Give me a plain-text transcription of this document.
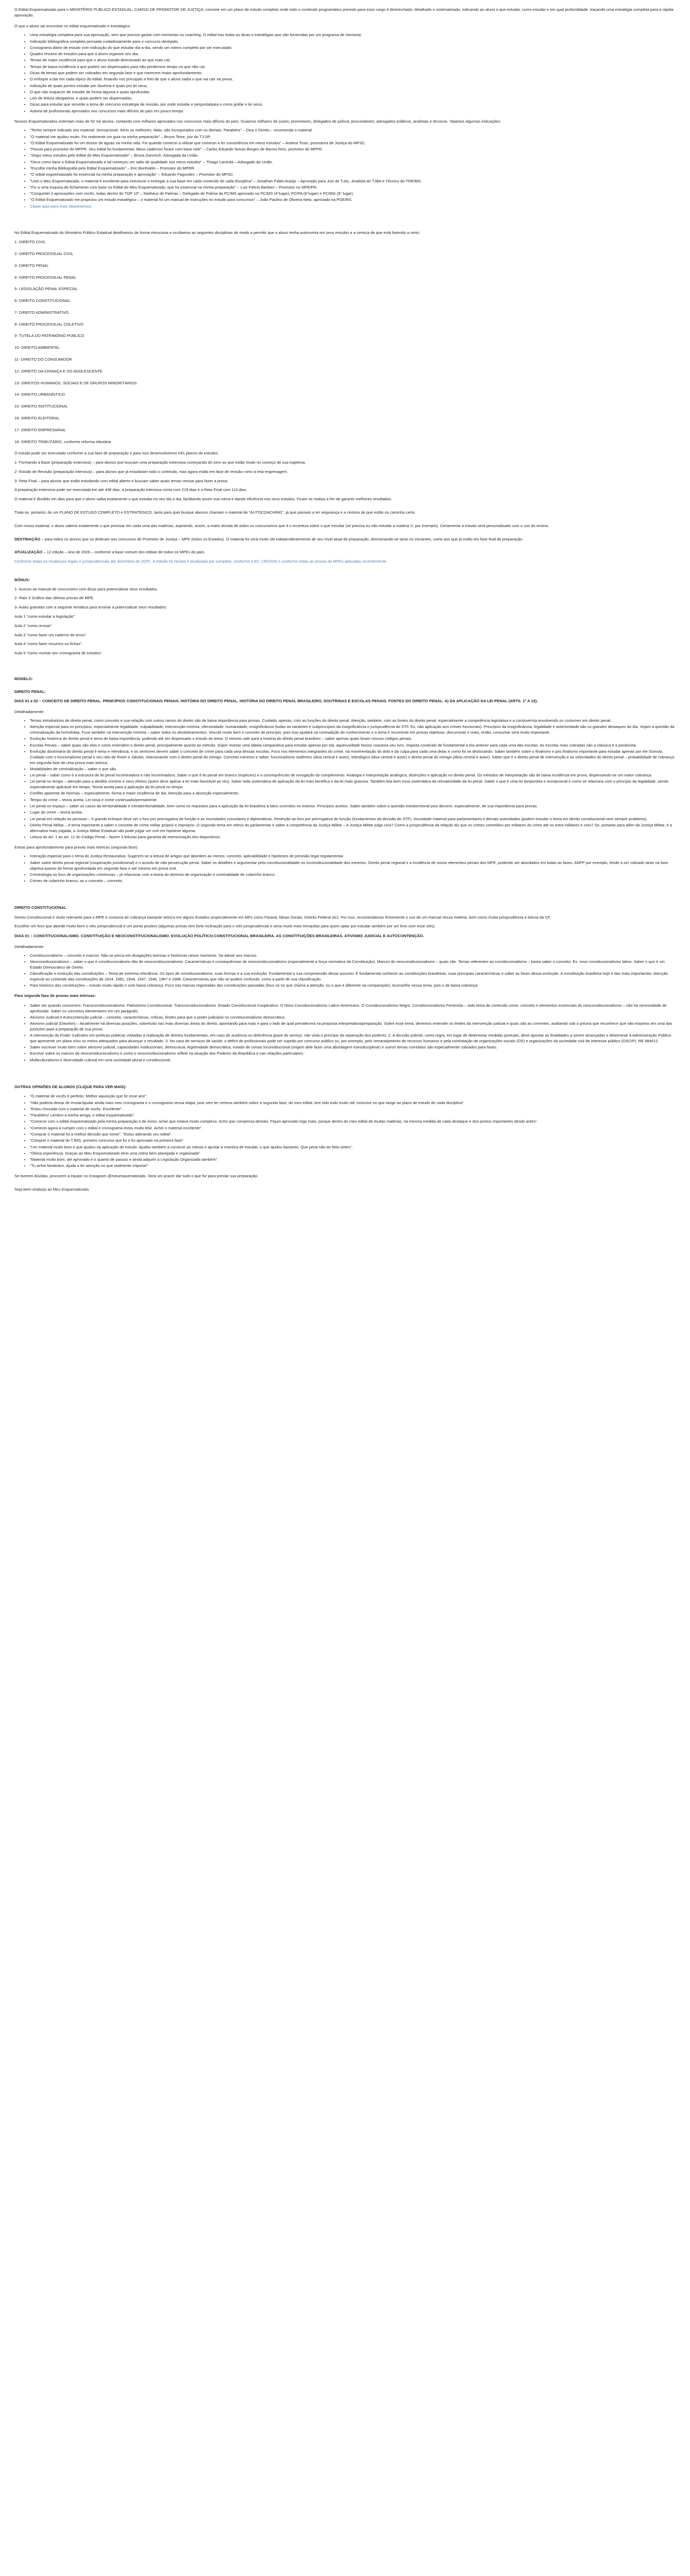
O Edital Esquematizado para o MINISTÉRIO PÚBLICO ESTADUAL, CARGO DE PROMOTOR DE JUSTIÇA, consiste em um plano de estudo completo onde todo o conteúdo programático previsto para esse cargo é destrinchado, detalhado e sistematizado, indicando ao aluno o que estudar, como estudar e em qual profundidade, traçando uma estratégia completa para a rápida aprovação.

O que o aluno vai encontrar no edital esquematizado e estratégico:

• Uma estratégia completa para sua aprovação, sem que precise gastar com mentorias ou coaching. O edital traz todas as dicas e estratégias que são fornecidas por um programa de mentoria;
• Indicação bibliográfica completa pensada cuidadosamente para o concurso desejado;
• Cronograma diário de estudo com indicação do que estudar dia-a-dia, sendo um roteiro completo por ser executado;
• Quadro resumo de estudos para que o aluno organize seu dia;
• Temas de maior incidência para que o aluno estude direcionado ao que mais cai;
• Temas de baixa incidência a que podem ser dispensados para não perdermos tempo no que não cai;
• Dicas de temas que podem ser cobrados em segunda fase e que merecem maior aprofundamento;
• O enfoque a dar em cada tópico do edital, frisando nos principais e frito de que o aluno saiba o que vai cair na prova;
• Indicação de quais pontos estudar por doutrina e quais por lei seca;
• O que não esquecer de estudar de forma alguma e quais aprofundar;
• Leis de leitura obrigatória, e quais podem ser dispensadas;
• Dicas para estudar que servirão a tema de concurso estratégia de revisão, por onde estudar e pergunta/para o como gráfar e lei seca;
• Autoria de profissionais aprovados nos concursos mais difíceis do país em pouco tempo.

Nossos Esquematizados ostentam mais de 92 mil alunos, contando com milhares aprovados nos concursos mais difíceis do país. Guiamos milhares de juízes, promotores, delegados de polícia, procuradores, advogados públicos, analistas e técnicos. Vejamos algumas indicações:

• "Tenho sempre indicado seu material. Sensacional. Sério os melhores. Mais, são incorporados com os demais. Parabéns" – Dica o Direito – recomenda o material.
• "O material me ajudou muito. Foi realmente um guia na minha preparação" – Bruno Teixe, juiz do TJ-SP.
• "O Edital Esquematizado foi um divisor de águas na minha vida. Foi quando comecei a utilizar que comecei a ter consistência em meus estudos" – Andrea Tosin, promotora de Justiça do MPSC.
• "Passei para promotor do MPPR. Seu edital foi fundamental. Meus cadernos foram com base nele" – Carlos Eduardo Novas Borges de Barros Reis, promotor do MPPR.
• "Segui meus estudos pelo Edital do Meu Esquematizado" – Bruna Dannrich, Advogada da União.
• "Devo como base o Edital Esquematizado e tal começou um salto de qualidade nos meus estudos" – Thiago Lacerda – Advogado da União.
• "Escolhe minha Bibliografia pelo Edital Esquematizado" – Eric Bonhoklin – Promotor do MPRR.
• "O edital esquematizado foi essencial na minha preparação e aprovação" – Eduardo Fagundes – Promotor do MPSC.
• "Usei o Meu Esquematizado, o material é excelente para estruturar e entregar a sua base em cada conteúdo de cada disciplina" – Jonathan Pablo Araújo – Aprovado para Juiz de TJAL, Analista do TJBA e Técnico do TRE/MG.
• "Fiz a uma esquisa de fichamento com base no Edital do Meu Esquematizado, que foi essencial na minha preparação" – Luiz Felicio Barbieri – Promotor no MPE/PR.
• "Conquistei 3 aprovações com vocês, todas dentro do TOP 10" – Matheus de Palmas – Delegado de Polícia da PC/MS aprovado na PC/MS (4°lugar), PC/PA (6°lugar) e PC/MG (9° lugar).
• "O Edital Esquematizado me propiciou um estudo estratégico – o material foi um manual de instruções no estudo para concursos" – João Paulino de Oliveira Neto, aprovado na PGE/RS.
• Clique aqui para mais depoimentos.

No Edital Esquematizado do Ministério Público Estadual detalhamos de forma minuciosa e ocultamos as seguintes disciplinas de modo a permitir que o aluno tenha autonomia em seus estudos e a certeza de que está fazendo a certo:

1- DIREITO CIVIL

2- DIREITO PROCESSUAL CIVIL

3- DIREITO PENAL

4- DIREITO PROCESSUAL PENAL

5- LEGISLAÇÃO PENAL ESPECIAL

6- DIREITO CONSTITUCIONAL

7- DIREITO ADMINISTRATIVO

8- DIREITO PROCESSUAL COLETIVO

9- TUTELA DO PATRIMÔNIO PÚBLICO

10- DIREITO AMBIENTAL

11- DIREITO DO CONSUMIDOR

12- DIREITO DA CRIANÇA E DO ADOLESCENTE

13- DIREITOS HUMANOS, SOCIAIS E DE GRUPOS MINORITÁRIOS

14- DIREITO URBANÍSTICO

15- DIREITO INSTITUCIONAL

16- DIREITO ELEITORAL

17- DIREITO EMPRESARIAL

18- DIREITO TRIBUTÁRIO, conforme reforma tributária

O estudo pode ser executado conforme a sua fase de preparação e para isso desenvolvemos três planos de estudos:

1- Formando a Base (preparação extensiva) – para alunos que buscam uma preparação extensiva começando do zero ou que estão muito no começo de sua trajetória.

2- Estudo de Revisão (preparação intensiva) – para alunos que já estudaram todo o conteúdo, mas agora estão em fase de revisão rumo à reta engrenagem.

3- Reta Final – para alunos que estão estudando com edital aberto e buscam saber quais temas revisar para fazer a prova.

A preparação extensiva pode ser executada em até 438 dias, a preparação intensiva conta com 219 dias e a Reta Final com 113 dias.

O material é dividido em dias para que o aluno saiba exatamente o que estudar no seu dia a dia, facilitando assim sua rotina e dando eficiência nos seus estudos. Ficam se realiza a fim de garantir melhores resultados.

Trata-se, portanto, de um PLANO DE ESTUDO COMPLETO e ESTRATÉGICO, tanto para quei busque abonos chamam o material de "AUTOCOACHING", já que passam a ter segurança e a certeza de que estão no caminho certo.

Com nosso material, o aluno saberá exatamente o que priorizar em cada uma das matérias, aspirando, assim, a maior dúvida de todos os concurseiros que é o incerteza sobre o que estudar (se precisa ou não estudar a matéria X, por exemplo). Certamente a estudo será personalizado com o uso do ensino.

DESTINAÇÃO – para todos os alunos que se dedicam aos concursos de Promotor de Justiça – MPE (todos os Estados). O material foi será muito útil independentemente de seu nível atual de preparação, direcionando-se tanto os iniciantes, como aos que já estão em fase final de preparação.

ATUALIZAÇÃO – 12 edição – Ano de 2026 – conforme a base comum dos editais de todos os MPEs do país.

Conforme todas as mudanças legais e jurisprudenciais até dezembro de 2025 . A edição foi revista e atualizada por completo, conforme a EC 136/2025 e conforme todas as provas de MPEs aplicadas recentemente.

BÔNUS:

1- Acesso ao manual de concurseiro com dicas para potencializar seus resultados.

2- Raio X Gráfico das últimas provas de MPE.

3- Aulas gratuitas com a seguinte temática para ensinar a potencializar seus resultados:

Aula 1 "como estudar a legislação"

Aula 2 "como revisar"

Aula 3 "como fazer um caderno de erros".

Aula 4 "como fazer resumos ou fichas".

Aula 5 "como montar seu cronograma de estudos"

MODELO:

DIREITO PENAL:

DIAS 01 a 02 – CONCEITO DE DIREITO PENAL. PRINCÍPIOS CONSTITUCIONAIS PENAIS. HISTÓRIA DO DIREITO PENAL. HISTÓRIA DO DIREITO PENAL BRASILEIRO, DOUTRINAS E ESCOLAS PENAIS. FONTES DO DIREITO PENAL. A) DA APLICAÇÃO DA LEI PENAL (ARTS. 1º A 12).

Detalhadamente:

• Temas introdutórios de direito penal, como conceito e sua relação com outros ramos do direito são de baixa importância para provas. Cuidado, apenas, com as funções do direito penal. Atenção, também, com as fontes do direito penal, especialmente a competência legislativa e a controvérsia envolvendo os costumes em direito penal.
• Atenção especial para os princípios, especialmente legalidade, culpabilidade, intervenção mínima, ofensividade, humanidade, insignificância (todas as variantes e subprincípios da insignificância e jurisprudência do STF. Ex. não aplicação aos crimes funcionais). Princípios da insignificância, legalidade e anterioridade são os grandes destaques do dia. Vejam a questão da criminalização da homofobia. Fuce também na intervenção mínima – saber todos os desdobramentos. Vincule muito bem o conceito de princípio, pois isso ajudará na contradição do conhecimento e a tema é recorrente em provas objetivas, discursivas e orais, então, consumar será muito importante.
• Evolução histórica do direito penal é tema de baixa importância, podendo até ser dispensado o estudo do tema. O mesmo vale para a história do direito penal brasileiro – saber apenas quais foram nossos códigos penais.
• Escolas Penais – saber quais são elas e como entendem o direito penal, principalmente quanto ao método. Súprir montar uma tabela comparativa para estudar apenas por ela, aqueruvidade Nosso coautora seu livro. Importa conteúdo de fundamental a tira anterior para cada uma das escolas. As escolas mais cobradas são a clássica e a positivista.
• Evolução doutrinária do direito penal é tema e relevância, e os senhores devem saber o conceito de crime para cada uma dessas escolas. Foco nos elementos integrantes do crime, na movimentação do dolo e da culpa para cada uma delas e como foi se deslocando. Saber também sobre o finalismo e pós finalismo importante para estudar apenas por ele Súmula. Cuidado com o funcionalismo penal e seu rato de Roxin e Jakobs, relacionando com o direito penal do inimigo. Conceito minimos e saber: funcionalismo sistêmico (disa central e autor), teleológico (disa central e autor) e direito penal do inimigo (ideia central e autor). Saber que é o direito penal de intervenção e as velocidades do direito penal – probabilidade de cobrança em segunda fase de uma prova mais teórica.
• Modalidades de criminalização – saber o que são.
• Lei penal – saber como é a estrutura de lei penal incriminadora e não incriminadora. Saber o que é lei penal em branco (espécies) e a consequências de revogação do complemento. Analogia e interpretação analógica, distinções e aplicação no direito penal. Os métodos de interpretação são de baixa incidência em prova, dispensando-se um maior cobrança.
• Lei penal no tempo – atenção para a abolitio criminis e seus efeitos (quem deve aplicar a lei mais favorável ao réu). Saber toda sistemática de aplicação da lei mais benéfica e da lei mais gravosa. Também leia bem essa sistemática da retroatividade da lei penal. Saber o que é uma lei temporária e excepcional e como se relaciona com o princípio da legalidade, sendo especialmente aplicável em tempo. Teoria aceita para a aplicação da lei penal no tempo.
• Conflito aparente de Normas – especialmente, forma é maior incidência de dia. Atenção para a absorção especialmente.
• Tempo do crime – teoria aceita. Lei nova e crime continuado/permanente.
• Lei penal no espaço – saber os casos da territorialidade e extraterritorialidade, bem como os requisitos para a aplicação da lei brasileira à fatos ocorridos no exterior. Princípios aceitos. Saber também sobre a questão extraterritorial pois decorre, especialmente, de sua importância para provas.
• Lugar do crime – teoria aceita.
• Lei penal em relação às pessoas – é grande enfoque deve ser o foro por prerrogativa de função e as imunidades consulares e diplomáticas. Restrição ao foro por prerrogativa de função (fundamentos da decisão do STF). Imunidade material para parlamentares e demais autoridades (podem estudar o tema em direito constitucional nem sempre problema).
• Direito Penal Militar – é tema importante a saber o conceito de crime militar próprio e impróprio. O segundo tema em relevo do parlamentar e saber a competência da Justiça Militar – A Justiça Militar julga civis? Como a jurisprudência da relação diz que os crimes cometidos por militares do crime até os extra militares e civis? Se, portanto para além da Justiça Militar, é a alternativa mais julgada, a Justiça Militar Estadual não pode julgar um civil em hipótese alguma.
• Leitura do art. 1 ao art. 12 do Código Penal – fazem 3 leituras para garantia de memorização dos dispositivos.

Extras para aprofundamento para provas mais teóricas (segunda fase):

• Interação especial para o tema do Justiça Restaurativa. Sugerem-se a leitura de artigos que abordem ao menos: conceito, aplicabilidade e hipóteses de previsão legal regulamentar.
• Saber sobre direito penal regional (cooperação jurisdicional) e o acordo de não persecução penal. Saber os detalhes e argumentar pela constitucionalidade ou inconstitucionalidade dos mesmos. Direito penal regional e a incidência de novos elementos penais dos MPE, podendo ser abordados em todas as fases. ANPP por exemplo, tende a ser cobrado tanto na fase objetiva quanto de forma aprofundada em segunda fase e até mesmo em prova oral.
• Criminologia no foco de organizações criminosas – já relacionar com a teoria do domínio de organização e criminalidade de colarinho branco.
• Crimes de colarinho branco, as o conceito – conceito.

DIREITO CONSTITUCIONAL

Direito Constitucional é muito relevante para o MPE e costuma ter cobrança bastante teórica em alguns Estados (especialmente em MPs como Paraná, Minas Gerais, Distrito Federal etc). Por isso, recomendamos firmemente o uso de um manual nessa matéria, bem como muita jurisprudência e leitura da CF.

Escolher um livro que aborde muito bem o viés jurisprudencial é um ponto positivo (algumas provas tem forte inclinação para o viés jurisprudencial e seria muito mais trenquilas para quem optar por estudar também por um livro com esse viés).

DIAS 01 – CONSTITUCIONALISMO. CONSTITUIÇÃO E NEOCONSTITUCIONALISMO. EVOLUÇÃO POLÍTICO-CONSTITUCIONAL BRASILEIRA. AS CONSTITUIÇÕES BRASILEIRAS. ATIVISMO JUDICIAL E AUTOCONTENÇÃO.

Detalhadamente:

• Constitucionalismo – conceito e marcos. Não se perca em divagações teóricas e históricas nesse momento. Sa ateste aos marcos.
• Neoconstitucionalismo – saber o que é constitucionalismo dito de neoconstitucionalismo. Características e consequências do neoconstitucionalismo (especialmente a força normativa da Constituição). Marcos do neoconstitucionalismo – quais são. Temas referentes ao constitucionalismo – basta saber o conceito. Ex. novo constitucionalismo latino; Saber o que é um Estado Democrático de Direito.
• Classificação e evolução das constituições – Tema de extrema relevância. Os tipos de constitucionalismo, suas formas e a sua evolução. Fundamental a sua compreensão desse assunto. É fundamental conhecer as constituições brasileiras, suas principais características e saber as fases dessa evolução. A constituição brasileira hoje é das mais importantes. Atenção especial ao conteúdo das constituições de 1824, 1891, 1934, 1937, 1946, 1967 e 1988. Características que não se podem confundir, como a parte de sua classificação.
• Para histórico das constituições – estudo muito rápido e com baixa cobrança. Foco nas marcas registradas das constituições passadas (foco só no que chama a atenção, ou o que é diferente na comparação). Aconselho nessa tema, pois o de baixa cobrança.

Para segunda fase de provas mais teóricas:

• Saber ser quando concorrem: Transconstitucionalismo. Patriotismo Constitucional. Transconstitucionalismo. Estado Constitucional Cooperativo. O Novo Constitucionalismo Latino-Americano. O Constitucionalismo Negro. Constitucionalismo Feminista – todo tema de conteúdo como: conceito e elementos essenciais do neoconstitucionalismo – não há necessidade de aprofundar. Saber os conceitos elementares em um parágrafo.
• Ativismo Judicial e Autocontenção judicial – conceito, características, críticas, limites para que o poder judiciário no constitucionalismo democrático.
• Ativismo judicial (Dworkin) – Atualmente há diversas posições, sobretudo nas mais diversas áreas do direito, apontando para mais e para o lado de qual prevalecerá na proposta interpretativa/preparação. Sobre esse tema, devemos entender os limites da intervenção judicial e quais são as correntes, avaliando sob o prisma que reconhece que não estamos em uma das posições para a preparação de sua prova.
• A intervenção do Poder Judiciário em políticas públicas visitadas à realização de direitos fundamentais, em caso de ausência ou deficiência grave do serviço, não viola o princípio da separação dos poderes. 2. A decisão judicial, como regra, em lugar de determinar medidas pontuais, deve apontar as finalidades a serem alcançadas e determinar à Administração Pública que apresente um plano e/ou os meios adequados para alcançar o resultado. 3. No caso de serviços de saúde, o déficit de profissionais pode ser suprido por concurso público ou, por exemplo, pelo remanejamento de recursos humanos e pela contratação de organizações sociais (OS) e organizações da sociedade civil de interesse público (OSCIP). RE 684612
• Saber escrever muito bem sobre ativismo judicial, capacidades institucionais, democracia, legitimidade democrática, estado de coisas inconstitucional (origem dele fazer uma abordagem transdisciplinar) e outros temas correlatos são especialmente cobrados para fases.
• Escreve sobre os marcos do neoconstitucionalismo e como o neoconstitucionalismo reflete na atuação dos Poderes da República e nas relações particulares.
• Multiculturalismo e diversidade cultural em uma sociedade plural e constitucional.

OUTRAS OPINIÕES DE ALUNOS (CLIQUE PARA VER MAIS):

• "O material de vocês é perfeito. Melhor aquisição que fiz esse ano".
• "Não poderia deixar de enviar/ajudar ainda mais meu cronograma e o cronograma nessa etapa, pois sem ter certeza também sobre a segunda fase, do meu edital, tem sido tudo muito útil, inclusive no que tange ao plano de estudo de cada disciplina".
• "Estou chocada com o material de vocês. Excelente".
• "Parabéns! Lembro a minha amiga, o edital esquematizado".
• "Comecei com o edital esquematizado pela minha preparação e de início, achei que estava muito complexo. Acho que compensa demais. Fiquei aprovado logo mais, porque dentro do meu edital de muitas matérias, na mesma medida de cada destaque e dos pontos importantes desde antes".
• "Comecei agora a cumprir com o edital e cronograma estou muito feliz. Achei o material excelente".
• "Comprar o material foi a melhor decisão que tomei". "Estou adorando seu edital".
• "Comprei o material do TJMS, primeiro concurso que fiz e fui aprovado na primeira fase".
• "Um material muito bom e que ajudou na aplicação do estudo. Ajudou também a construir as rotinas e ajustar a maneira de estudar, o que ajudou bastante. Que pena não ter feito antes".
• "Ótima experiência. Graças ao Meu Esquematizado terei uma rotina bem planejada e organizada".
• "Material muito bom, até aprovado e o quanto de passos e ainda adquirir a Legislação Organizada também".
• "Tu achei fantástico. Ajuda a ter atenção no que realmente importa!"

Se tiverem dúvidas, procurem a equipe no Instagram @meuesquematizado. Será um prazer dar tudo o que for para prestar sua preparação.

Seja bem-vindo(a) ao Meu Esquematizado.
